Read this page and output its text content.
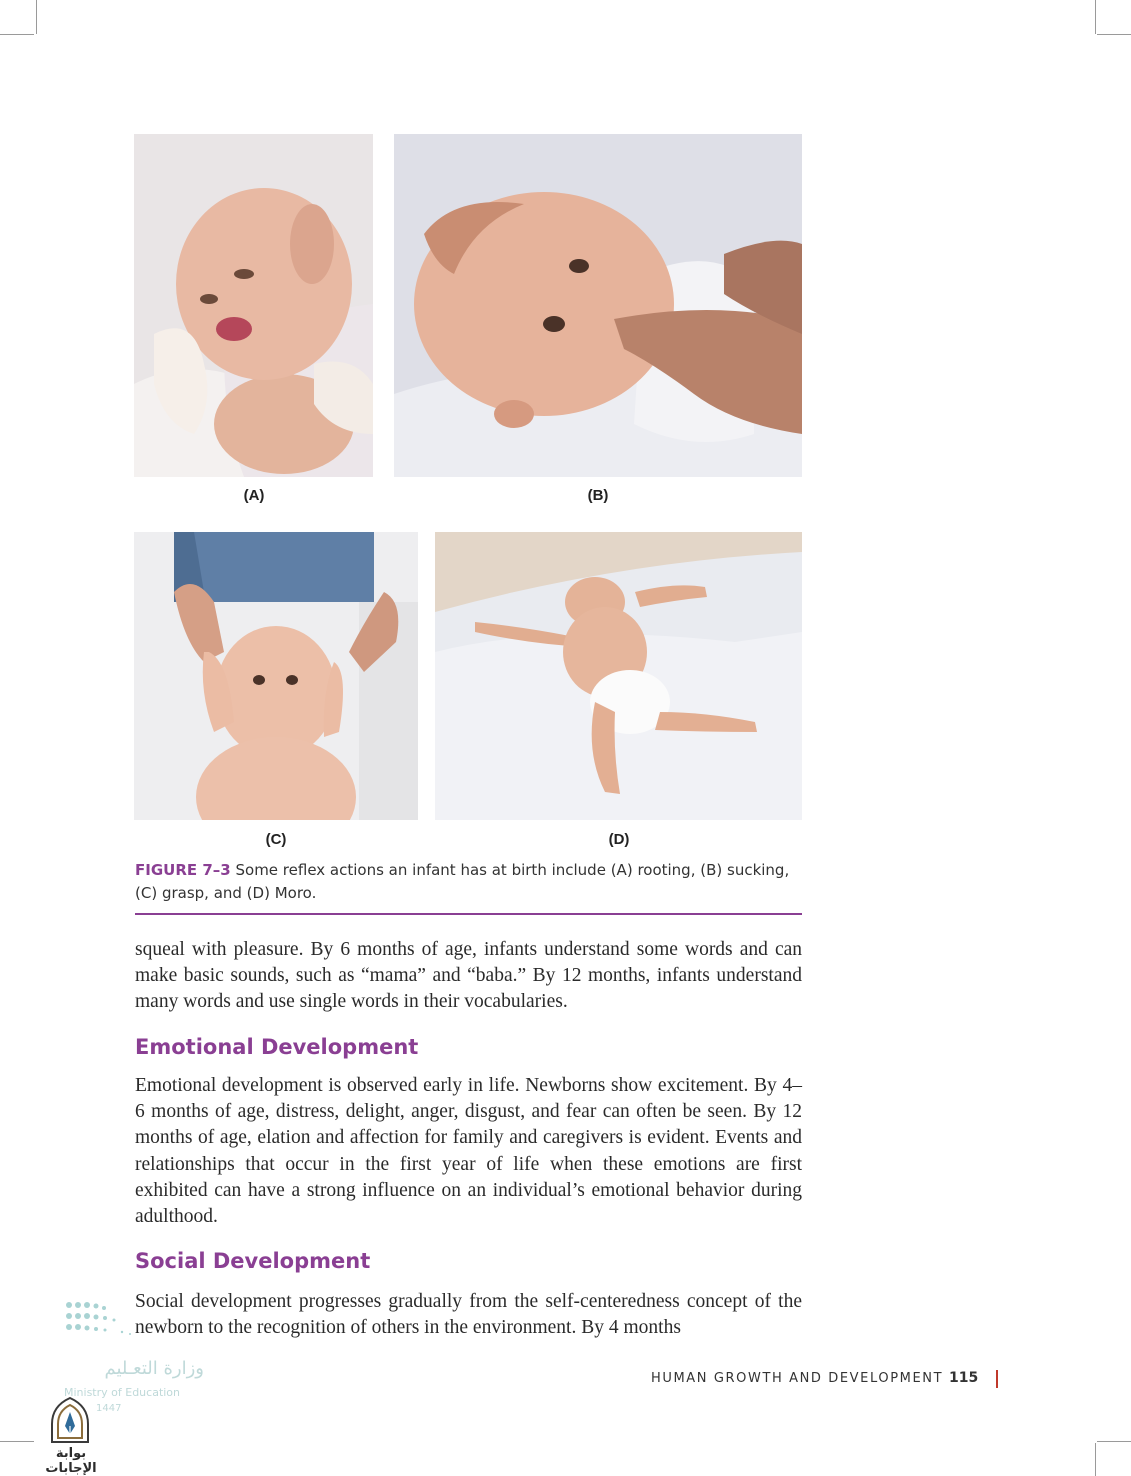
(A)	(B)
(C)	(D)
FIGURE 7–3 Some reflex actions an infant has at birth include (A) rooting, (B) sucking, (C) grasp, and (D) Moro.

squeal with pleasure. By 6 months of age, infants understand some words and can make basic sounds, such as “mama” and “baba.” By 12 months, infants understand many words and use single words in their vocabularies.

Emotional Development

Emotional development is observed early in life. Newborns show excitement. By 4–6 months of age, distress, delight, anger, disgust, and fear can often be seen. By 12 months of age, elation and affection for family and caregivers is evident. Events and relationships that occur in the first year of life when these emotions are first exhibited can have a strong influence on an individual’s emotional behavior during adulthood.

Social Development

Social development progresses gradually from the self-centeredness concept of the newborn to the recognition of others in the environment. By 4 months

HUMAN GROWTH AND DEVELOPMENT 115
وزارة التعـليم
Ministry of Education
1447
بوابة الإجابات
